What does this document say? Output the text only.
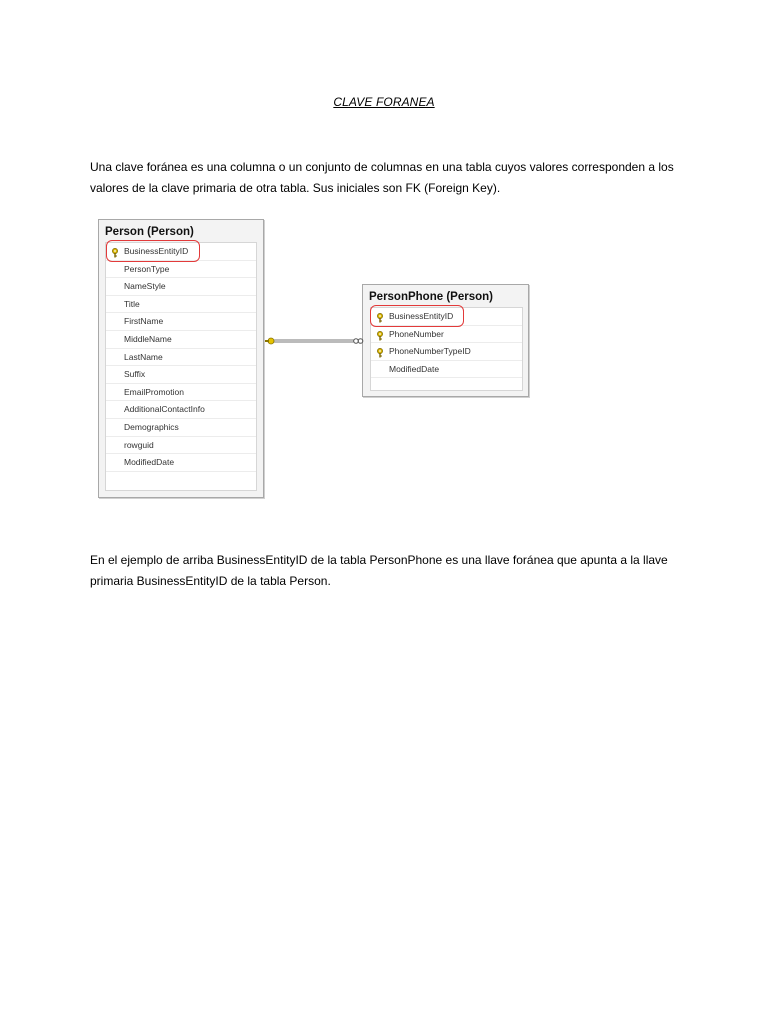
CLAVE FORANEA
Una clave foránea es una columna o un conjunto de columnas en una tabla cuyos valores corresponden a los valores de la clave primaria de otra tabla. Sus iniciales son FK (Foreign Key).
Person (Person)
BusinessEntityID
PersonType
NameStyle
Title
FirstName
MiddleName
LastName
Suffix
EmailPromotion
AdditionalContactInfo
Demographics
rowguid
ModifiedDate
PersonPhone (Person)
BusinessEntityID
PhoneNumber
PhoneNumberTypeID
ModifiedDate
En el ejemplo de arriba BusinessEntityID de la tabla PersonPhone es una llave foránea que apunta a la llave primaria BusinessEntityID de la tabla Person.
